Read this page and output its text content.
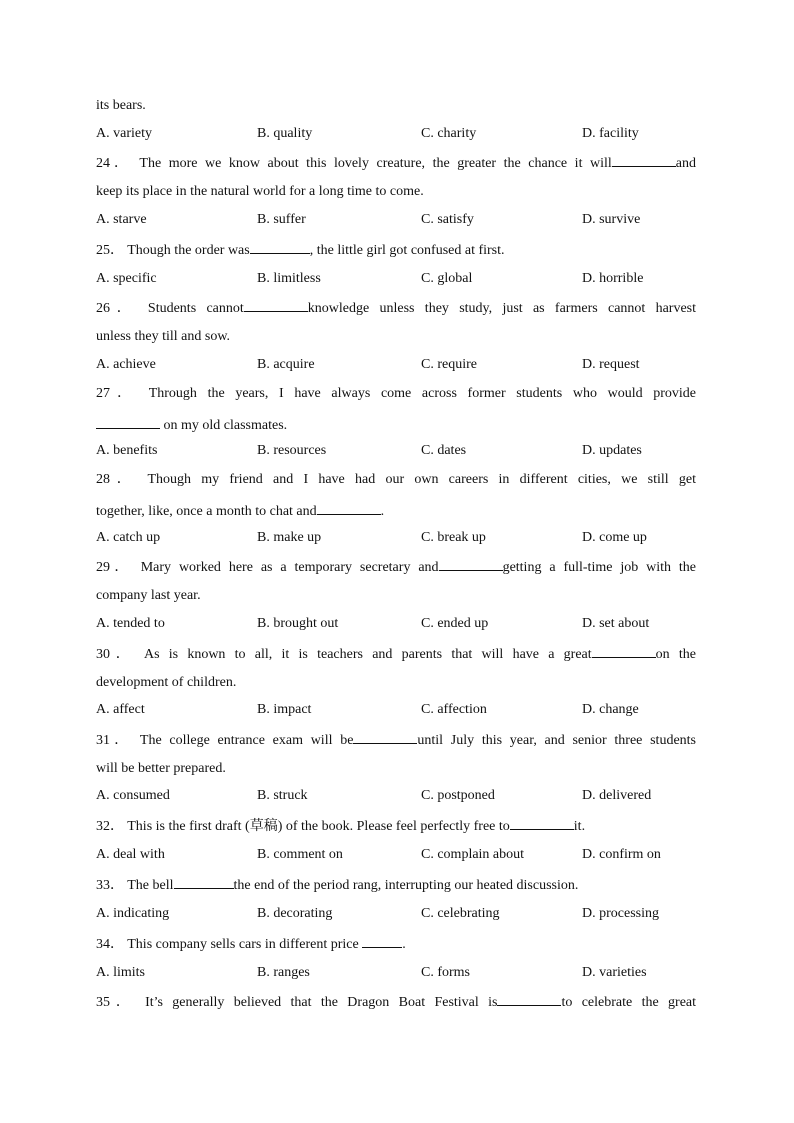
its bears.
A. variety	B. quality	C. charity	D. facility
24． The more we know about this lovely creature, the greater the chance it will	and
keep its place in the natural world for a long time to come.
A. starve	B. suffer	C. satisfy	D. survive
25． Though the order was	, the little girl got confused at first.
A. specific	B. limitless	C. global	D. horrible
26． Students cannot	knowledge unless they study, just as farmers cannot harvest
unless they till and sow.
A. achieve	B. acquire	C. require	D. request
27． Through the years, I have always come across former students who would provide
on my old classmates.
A. benefits	B. resources	C. dates	D. updates
28． Though my friend and I have had our own careers in different cities, we still get
together, like, once a month to chat and	.
A. catch up	B. make up	C. break up	D. come up
29． Mary worked here as a temporary secretary and	getting a full-time job with the
company last year.
A. tended to	B. brought out	C. ended up	D. set about
30． As is known to all, it is teachers and parents that will have a great	on the
development of children.
A. affect	B. impact	C. affection	D. change
31． The college entrance exam will be	until July this year, and senior three students
will be better prepared.
A. consumed	B. struck	C. postponed	D. delivered
32． This is the first draft (草稿) of the book. Please feel perfectly free to	it.
A. deal with	B. comment on	C. complain about	D. confirm on
33． The bell	the end of the period rang, interrupting our heated discussion.
A. indicating	B. decorating	C. celebrating	D. processing
34． This company sells cars in different price	.
A. limits	B. ranges	C. forms	D. varieties
35． It’s generally believed that the Dragon Boat Festival is	to celebrate the great
